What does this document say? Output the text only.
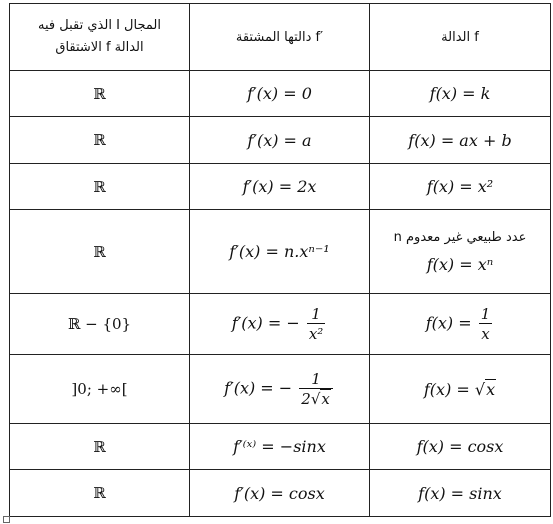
المجال I الذي تقبل فيه
الدالة f الاشتقاق	دالتها المشتقة f′	الدالة f
ℝ	f′(x) = 0	f(x) = k
ℝ	f′(x) = a	f(x) = ax + b
ℝ	f′(x) = 2x	f(x) = x²
ℝ	f′(x) = n.xⁿ⁻¹	عدد طبيعي غير معدوم n
f(x) = xⁿ
ℝ − {0}	f′(x) = − $\frac{1}{\text{x²}}$	$f(x) = \frac{1}{x}$

]0; +∞[	f′(x) = − $\frac{1}{2√x}$	f(x) = √x
ℝ	f′⁽ˣ⁾ = −sinx	f(x) = cosx
ℝ	f′(x) = cosx	f(x) = sinx
